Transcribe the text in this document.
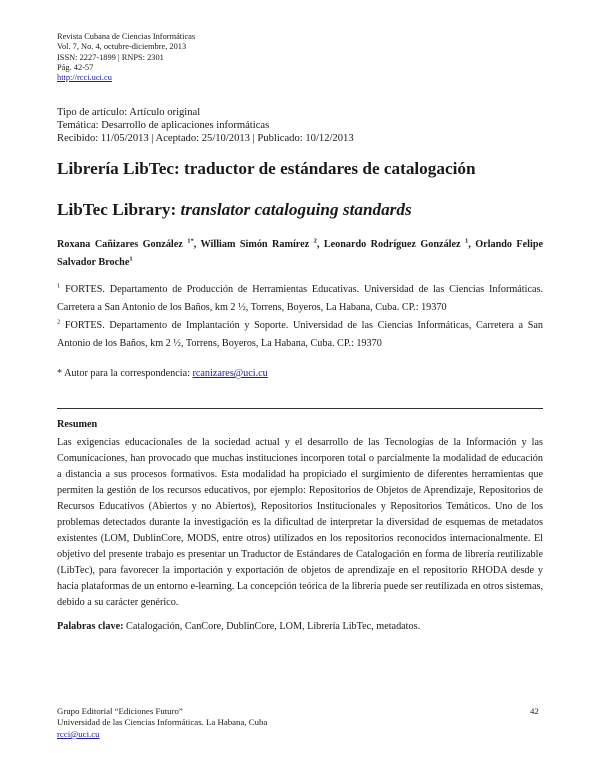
Revista Cubana de Ciencias Informáticas
Vol. 7, No. 4, octubre-diciembre, 2013
ISSN: 2227-1899 | RNPS: 2301
Pág. 42-57
http://rcci.uci.cu
Tipo de artículo: Artículo original
Temática: Desarrollo de aplicaciones informáticas
Recibido: 11/05/2013 | Aceptado: 25/10/2013 | Publicado: 10/12/2013
Librería LibTec: traductor de estándares de catalogación
LibTec Library: translator cataloguing standards
Roxana Cañizares González $^{1*}$, William Simón Ramírez $^2$, Leonardo Rodríguez González $^1$, Orlando Felipe Salvador Broche$^1$
$^1$ FORTES. Departamento de Producción de Herramientas Educativas. Universidad de las Ciencias Informáticas. Carretera a San Antonio de los Baños, km 2 ½, Torrens, Boyeros, La Habana, Cuba. CP.: 19370
$^2$ FORTES. Departamento de Implantación y Soporte. Universidad de las Ciencias Informáticas, Carretera a San Antonio de los Baños, km 2 ½, Torrens, Boyeros, La Habana, Cuba. CP.: 19370
* Autor para la correspondencia: rcanizares@uci.cu
Resumen

Las exigencias educacionales de la sociedad actual y el desarrollo de las Tecnologías de la Información y las Comunicaciones, han provocado que muchas instituciones incorporen total o parcialmente la modalidad de educación a distancia a sus procesos formativos. Esta modalidad ha propiciado el surgimiento de diferentes herramientas que permiten la gestión de los recursos educativos, por ejemplo: Repositorios de Objetos de Aprendizaje, Repositorios de Recursos Educativos (Abiertos y no Abiertos), Repositorios Institucionales y Repositorios Temáticos. Uno de los problemas detectados durante la investigación es la dificultad de interpretar la diversidad de esquemas de metadatos existentes (LOM, DublinCore, MODS, entre otros) utilizados en los repositorios reconocidos internacionalmente. El objetivo del presente trabajo es presentar un Traductor de Estándares de Catalogación en forma de librería reutilizable (LibTec), para favorecer la importación y exportación de objetos de aprendizaje en el repositorio RHODA desde y hacia plataformas de un entorno e-learning. La concepción teórica de la librería puede ser reutilizada en otros sistemas, debido a su carácter genérico.

Palabras clave: Catalogación, CanCore, DublinCore, LOM, Librería LibTec, metadatos.
Grupo Editorial “Ediciones Futuro”
Universidad de las Ciencias Informáticas. La Habana, Cuba
rcci@uci.cu
42
